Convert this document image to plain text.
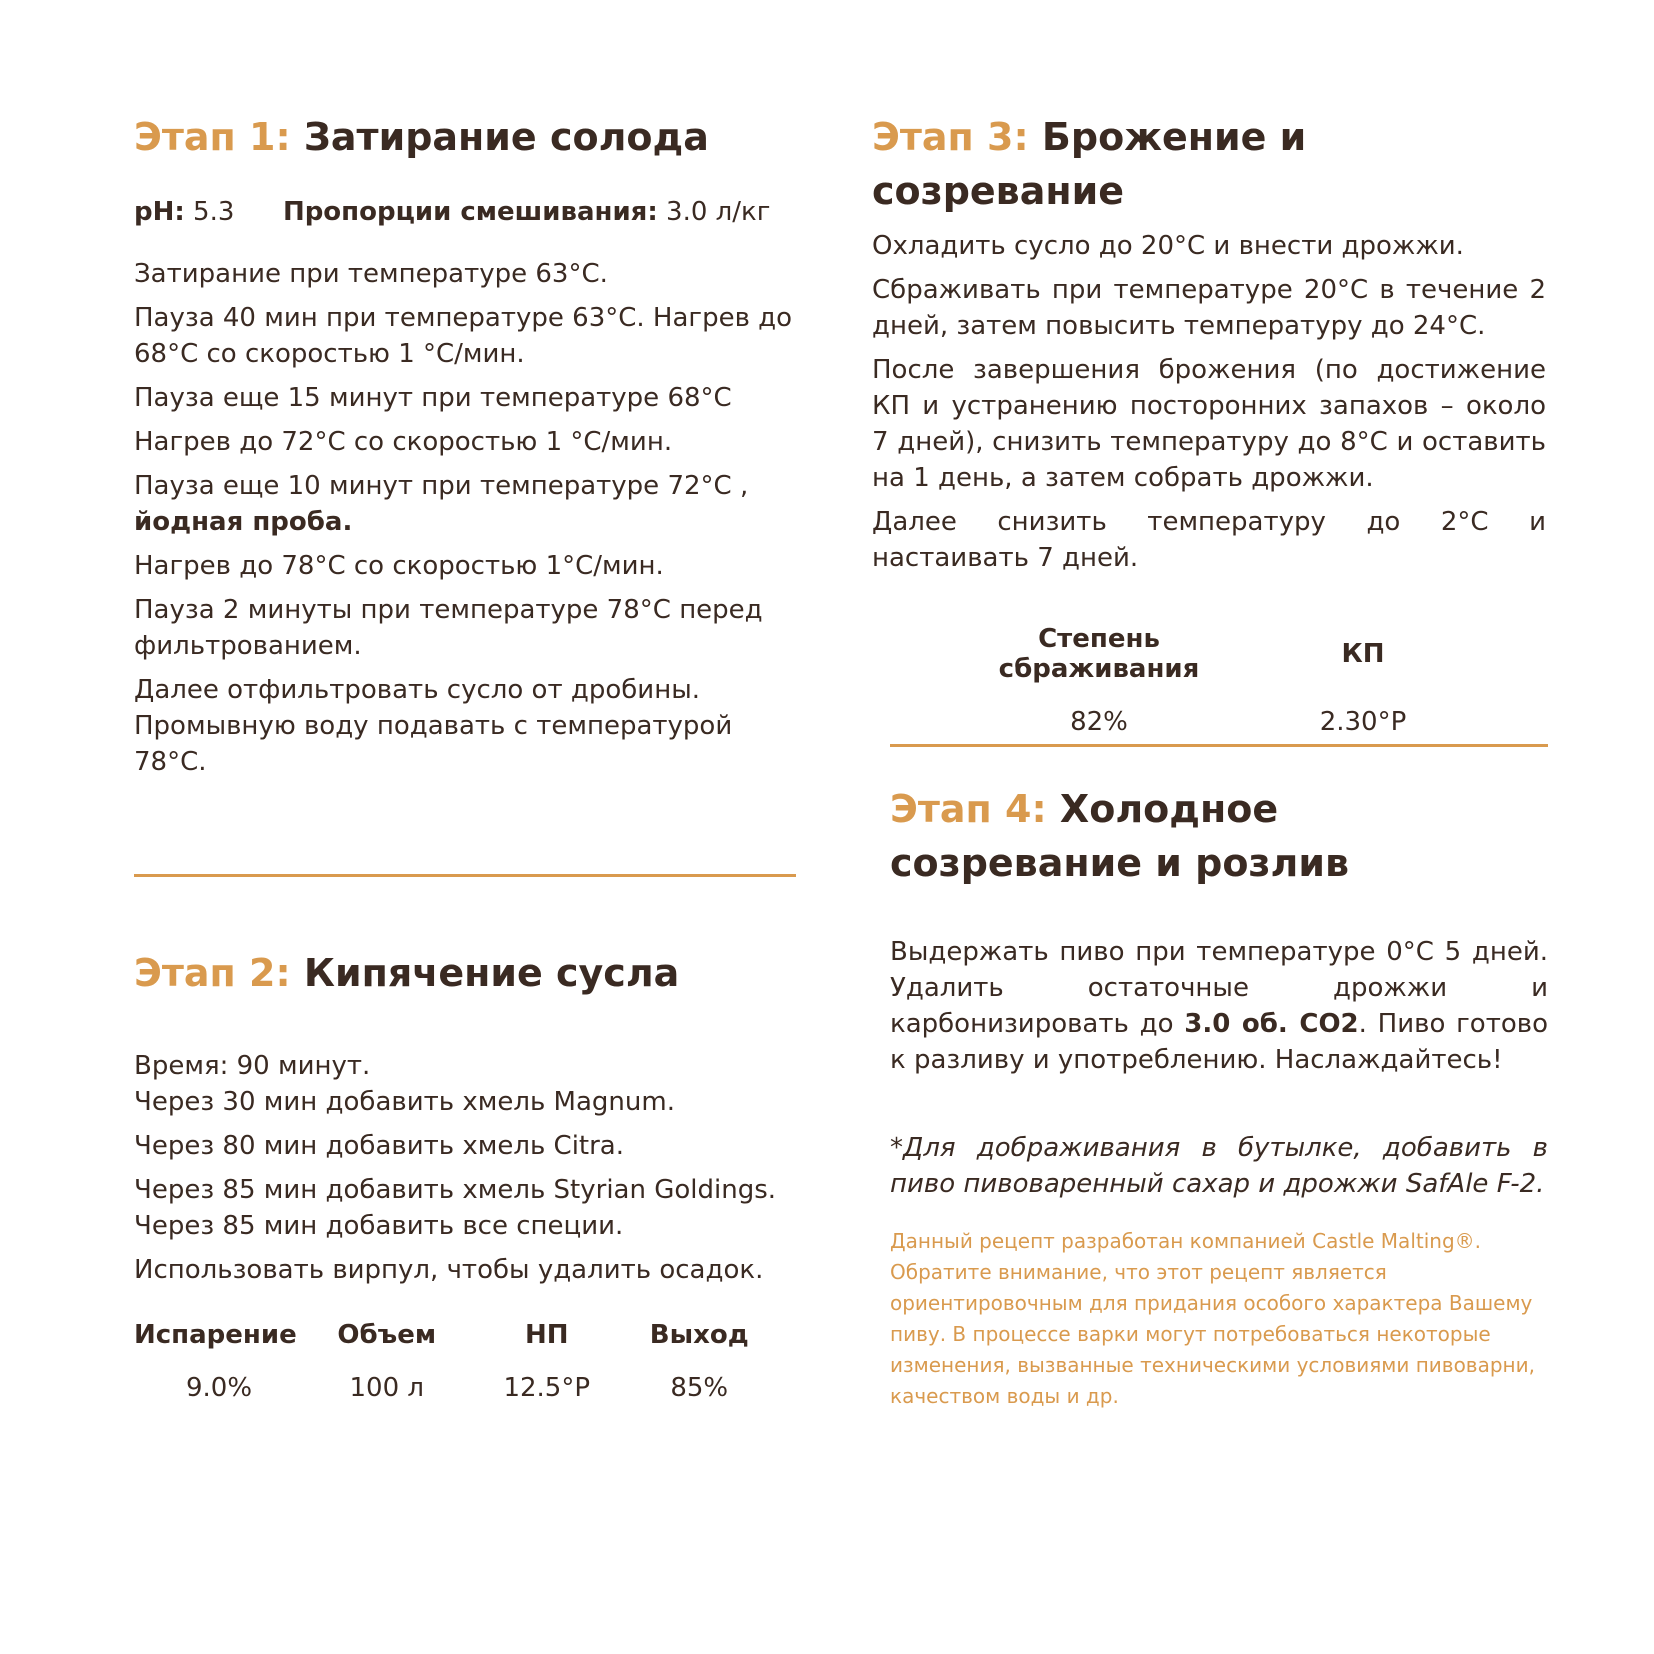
Этап 1: Затирание солода
pH: 5.3 Пропорции смешивания: 3.0 л/кг
Затирание при температуре 63°C.
Пауза 40 мин при температуре 63°C. Нагрев до 68°C со скоростью 1 °C/мин.
Пауза еще 15 минут при температуре 68°C
Нагрев до 72°C со скоростью 1 °C/мин.
Пауза еще 10 минут при температуре 72°C ,
йодная проба.
Нагрев до 78°C со скоростью 1°C/мин.
Пауза 2 минуты при температуре 78°C перед фильтрованием.
Далее отфильтровать сусло от дробины.
Промывную воду подавать с температурой 78°C.
Этап 2: Кипячение сусла
Время: 90 минут.
Через 30 мин добавить хмель Magnum.
Через 80 мин добавить хмель Citra.
Через 85 мин добавить хмель Styrian Goldings.
Через 85 мин добавить все специи.
Использовать вирпул, чтобы удалить осадок.
Испарение	Объем	НП	Выход
9.0%	100 л	12.5°P	85%
Этап 3: Брожение и
созревание
Охладить сусло до 20°C и внести дрожжи.
Сбраживать при температуре 20°C в течение 2 дней, затем повысить температуру до 24°C.
После завершения брожения (по достижение КП и устранению посторонних запахов – около 7 дней), снизить температуру до 8°C и оставить на 1 день, а затем собрать дрожжи.
Далее снизить температуру до 2°C и настаивать 7 дней.
Степень сбраживания	КП
82%	2.30°P
Этап 4: Холодное
созревание и розлив
Выдержать пиво при температуре 0°C 5 дней. Удалить остаточные дрожжи и карбонизировать до 3.0 об. CO2. Пиво готово к разливу и употреблению. Наслаждайтесь!
*Для дображивания в бутылке, добавить в пиво пивоваренный сахар и дрожжи SafAle F-2.
Данный рецепт разработан компанией Castle Malting®. Обратите внимание, что этот рецепт является ориентировочным для придания особого характера Вашему пиву. В процессе варки могут потребоваться некоторые изменения, вызванные техническими условиями пивоварни, качеством воды и др.
